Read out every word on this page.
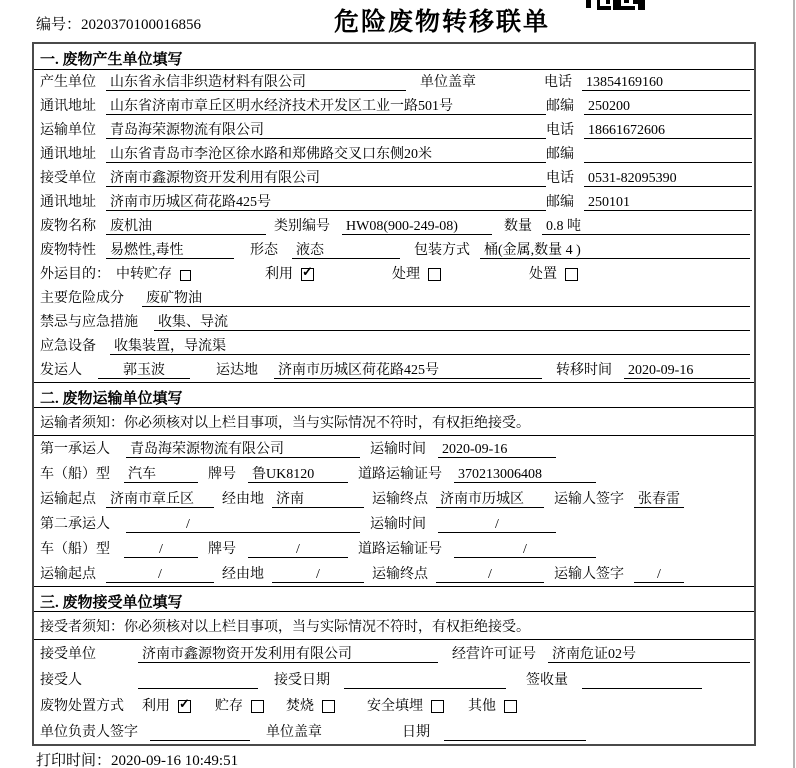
编号：2020370100016856	危险废物转移联单
一. 废物产生单位填写
产生单位 山东省永信非织造材料有限公司	单位盖章	电话 13854169160
通讯地址 山东省济南市章丘区明水经济技术开发区工业一路501号	邮编 250200
运输单位 青岛海荣源物流有限公司	电话 18661672606
通讯地址 山东省青岛市李沧区徐水路和郑佛路交叉口东侧20米	邮编
接受单位 济南市鑫源物资开发利用有限公司	电话 0531-82095390
通讯地址 济南市历城区荷花路425号	邮编 250101
废物名称 废机油	类别编号 HW08(900-249-08)	数量 0.8 吨
废物特性 易燃性,毒性	形态 液态	包装方式 桶(金属,数量 4 )
外运目的： 中转贮存	利用 ✓	处理	处置
主要危险成分 废矿物油
禁忌与应急措施 收集、导流
应急设备 收集装置，导流渠
发运人	郭玉波	运达地 济南市历城区荷花路425号	转移时间 2020-09-16
二. 废物运输单位填写
运输者须知：你必须核对以上栏目事项，当与实际情况不符时，有权拒绝接受。
第一承运人	青岛海荣源物流有限公司	运输时间 2020-09-16
车（船）型	汽车	牌号 鲁UK8120	道路运输证号 370213006408
运输起点 济南市章丘区	经由地 济南	运输终点 济南市历城区	运输人签字 张春雷
第二承运人	/	运输时间	/
车（船）型	/	牌号	/	道路运输证号	/
运输起点	/	经由地	/	运输终点	/	运输人签字	/
三. 废物接受单位填写
接受者须知：你必须核对以上栏目事项，当与实际情况不符时，有权拒绝接受。
接受单位	济南市鑫源物资开发利用有限公司	经营许可证号 济南危证02号
接受人	接受日期	签收量
废物处置方式 利用 ✓ 贮存	焚烧	安全填埋	其他
单位负责人签字	单位盖章	日期
打印时间：2020-09-16 10:49:51
